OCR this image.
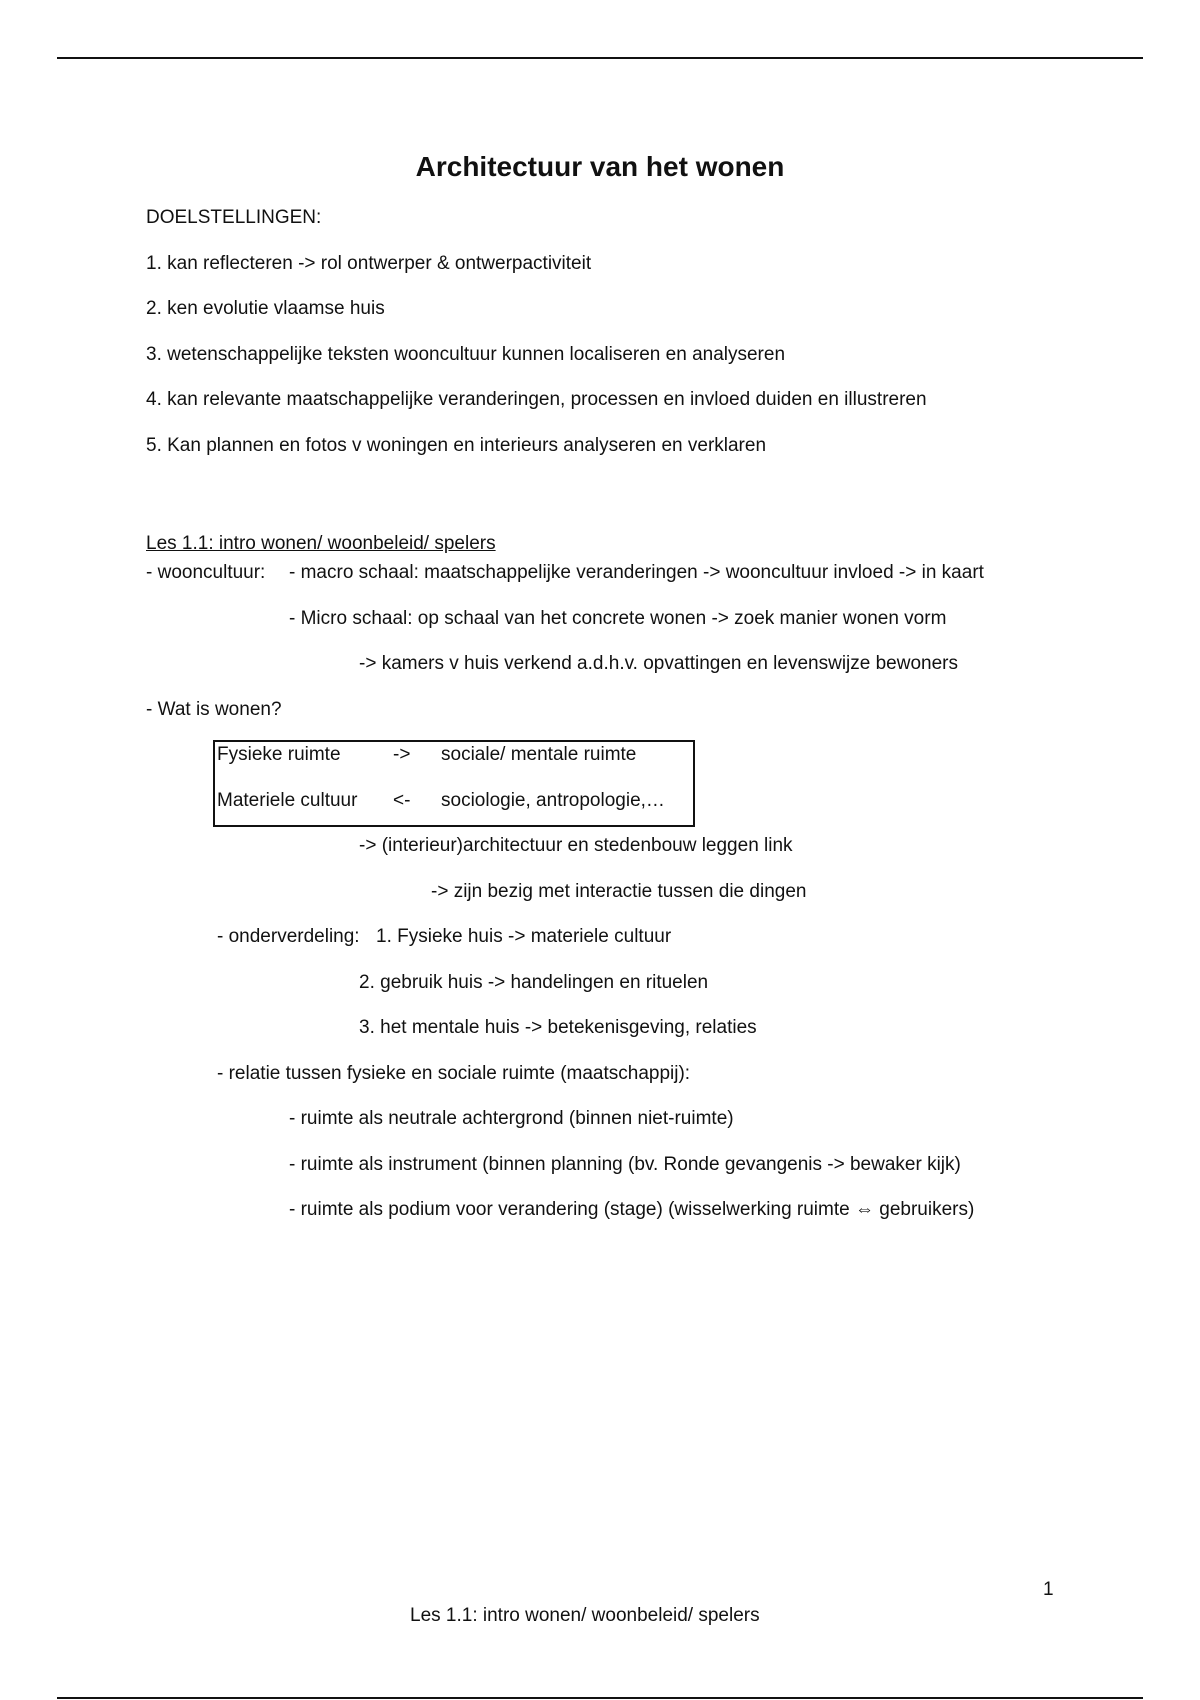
Architectuur van het wonen
DOELSTELLINGEN:
1. kan reflecteren -> rol ontwerper & ontwerpactiviteit
2. ken evolutie vlaamse huis
3. wetenschappelijke teksten wooncultuur kunnen localiseren en analyseren
4. kan relevante maatschappelijke veranderingen, processen en invloed duiden en illustreren
5. Kan plannen en fotos v woningen en interieurs analyseren en verklaren
Les 1.1: intro wonen/ woonbeleid/ spelers
- wooncultuur: - macro schaal: maatschappelijke veranderingen -> wooncultuur invloed -> in kaart
- Micro schaal: op schaal van het concrete wonen -> zoek manier wonen vorm
-> kamers v huis verkend a.d.h.v. opvattingen en levenswijze bewoners
- Wat is wonen?
Fysieke ruimte	-> sociale/ mentale ruimte
Materiele cultuur <- sociologie, antropologie,…
-> (interieur)architectuur en stedenbouw leggen link
-> zijn bezig met interactie tussen die dingen
- onderverdeling: 1. Fysieke huis -> materiele cultuur
2. gebruik huis -> handelingen en rituelen
3. het mentale huis -> betekenisgeving, relaties
- relatie tussen fysieke en sociale ruimte (maatschappij):
- ruimte als neutrale achtergrond (binnen niet-ruimte)
- ruimte als instrument (binnen planning (bv. Ronde gevangenis -> bewaker kijk)
- ruimte als podium voor verandering (stage) (wisselwerking ruimte ⇔ gebruikers)
1
Les 1.1: intro wonen/ woonbeleid/ spelers
